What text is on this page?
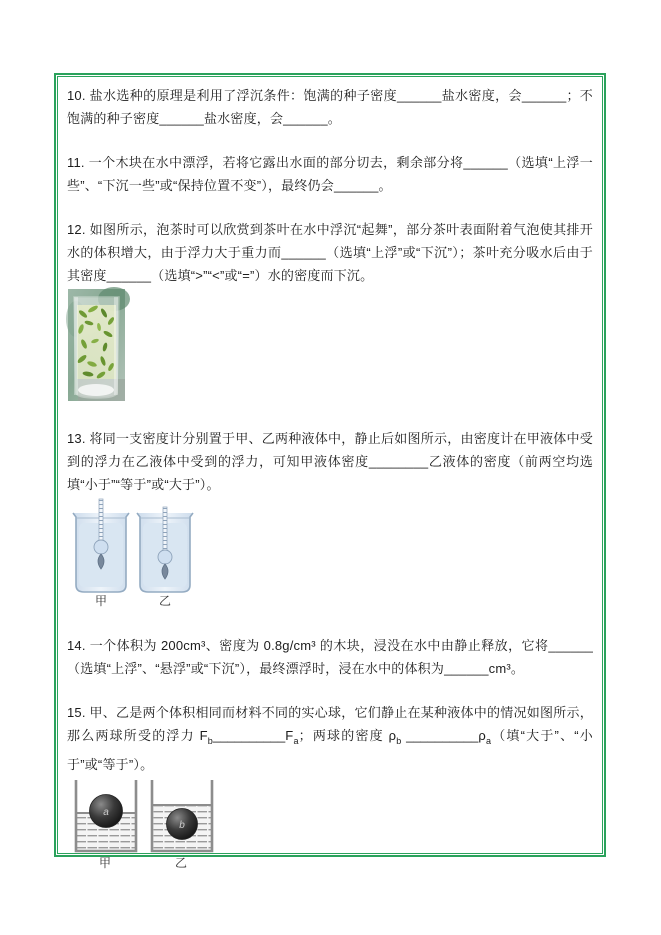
10. 盐水选种的原理是利用了浮沉条件：饱满的种子密度______盐水密度，会______；不饱满的种子密度______盐水密度，会______。

11. 一个木块在水中漂浮，若将它露出水面的部分切去，剩余部分将______（选填“上浮一些”、“下沉一些”或“保持位置不变”），最终仍会______。

12. 如图所示，泡茶时可以欣赏到茶叶在水中浮沉“起舞”，部分茶叶表面附着气泡使其排开水的体积增大，由于浮力大于重力而______（选填“上浮”或“下沉”）；茶叶充分吸水后由于其密度______（选填“>”“<”或“=”）水的密度而下沉。

13. 将同一支密度计分别置于甲、乙两种液体中，静止后如图所示，由密度计在甲液体中受到的浮力在乙液体中受到的浮力，可知甲液体密度________乙液体的密度（前两空均选填“小于”“等于”或“大于”）。

甲	乙

14. 一个体积为 200cm³、密度为 0.8g/cm³ 的木块，浸没在水中由静止释放，它将______（选填“上浮”、“悬浮”或“下沉”），最终漂浮时，浸在水中的体积为______cm³。

15. 甲、乙是两个体积相同而材料不同的实心球，它们静止在某种液体中的情况如图所示，那么两球所受的浮力 $F_b\_\_\_\_\_\_\_\_\_\_F_a$；两球的密度 $\rho_b$ $\_\_\_\_\_\_\_\_\_\_\rho_a$（填“大于”、“小于”或“等于”）。

a
b
甲	乙
